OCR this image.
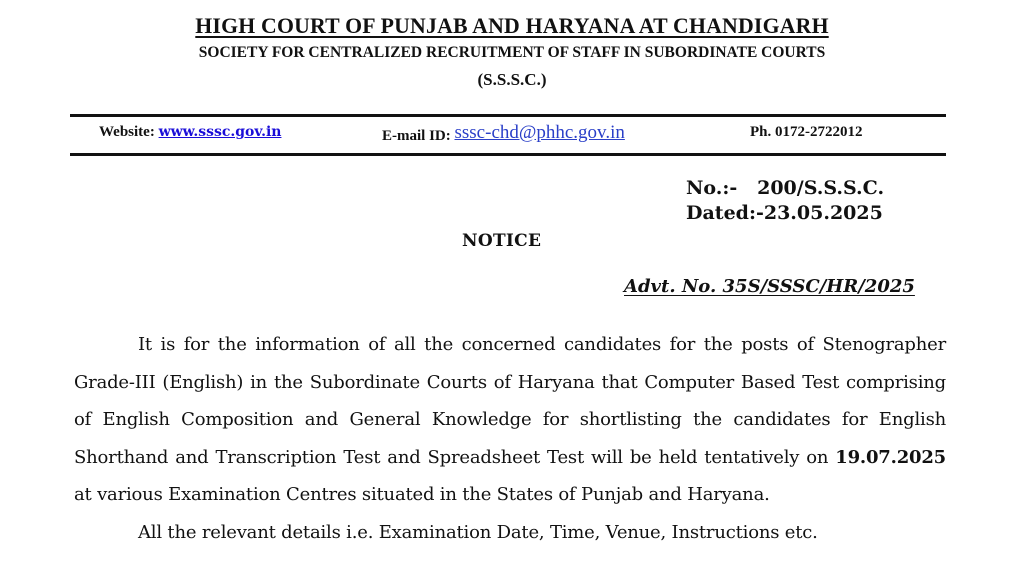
HIGH COURT OF PUNJAB AND HARYANA AT CHANDIGARH
SOCIETY FOR CENTRALIZED RECRUITMENT OF STAFF IN SUBORDINATE COURTS
(S.S.S.C.)
Website: www.sssc.gov.in	E-mail ID: sssc-chd@phhc.gov.in	Ph. 0172-2722012
No.:- 200/S.S.S.C.
Dated:-23.05.2025
NOTICE
Advt. No. 35S/SSSC/HR/2025

It is for the information of all the concerned candidates for the posts of Stenographer Grade-III (English) in the Subordinate Courts of Haryana that Computer Based Test comprising of English Composition and General Knowledge for shortlisting the candidates for English Shorthand and Transcription Test and Spreadsheet Test will be held tentatively on 19.07.2025 at various Examination Centres situated in the States of Punjab and Haryana.

All the relevant details i.e. Examination Date, Time, Venue, Instructions etc.
